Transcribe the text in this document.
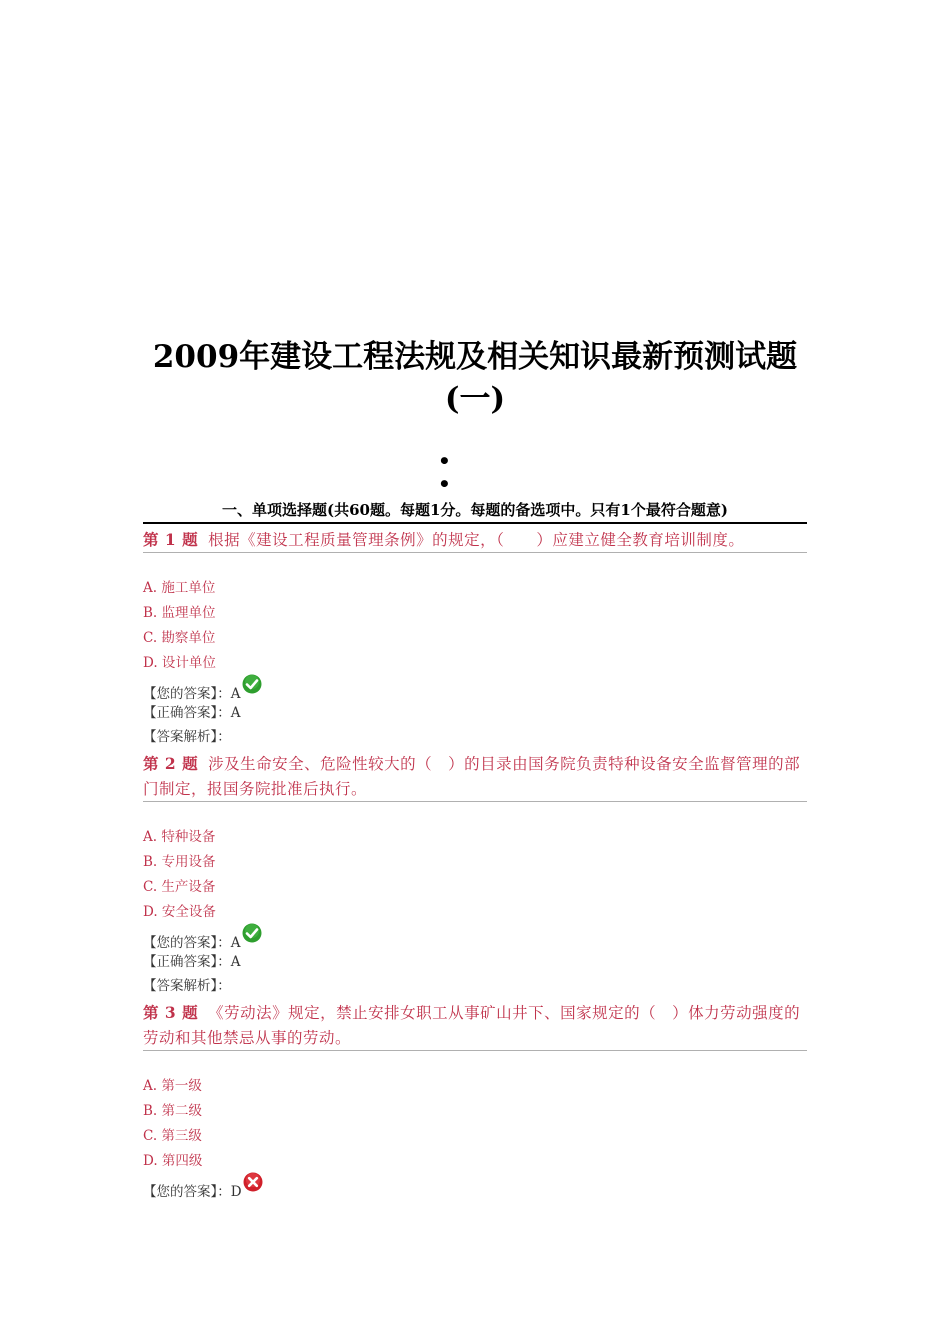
2009年建设工程法规及相关知识最新预测试题(一)
•
•
一、单项选择题(共60题。每题1分。每题的备选项中。只有1个最符合题意)
第 1 题 根据《建设工程质量管理条例》的规定，（　　）应建立健全教育培训制度。
A. 施工单位
B. 监理单位
C. 勘察单位
D. 设计单位
【您的答案】：A
【正确答案】：A
【答案解析】：
第 2 题 涉及生命安全、危险性较大的（　）的目录由国务院负责特种设备安全监督管理的部门制定，报国务院批准后执行。
A. 特种设备
B. 专用设备
C. 生产设备
D. 安全设备
【您的答案】：A
【正确答案】：A
【答案解析】：
第 3 题 《劳动法》规定，禁止安排女职工从事矿山井下、国家规定的（　）体力劳动强度的劳动和其他禁忌从事的劳动。
A. 第一级
B. 第二级
C. 第三级
D. 第四级
【您的答案】：D
